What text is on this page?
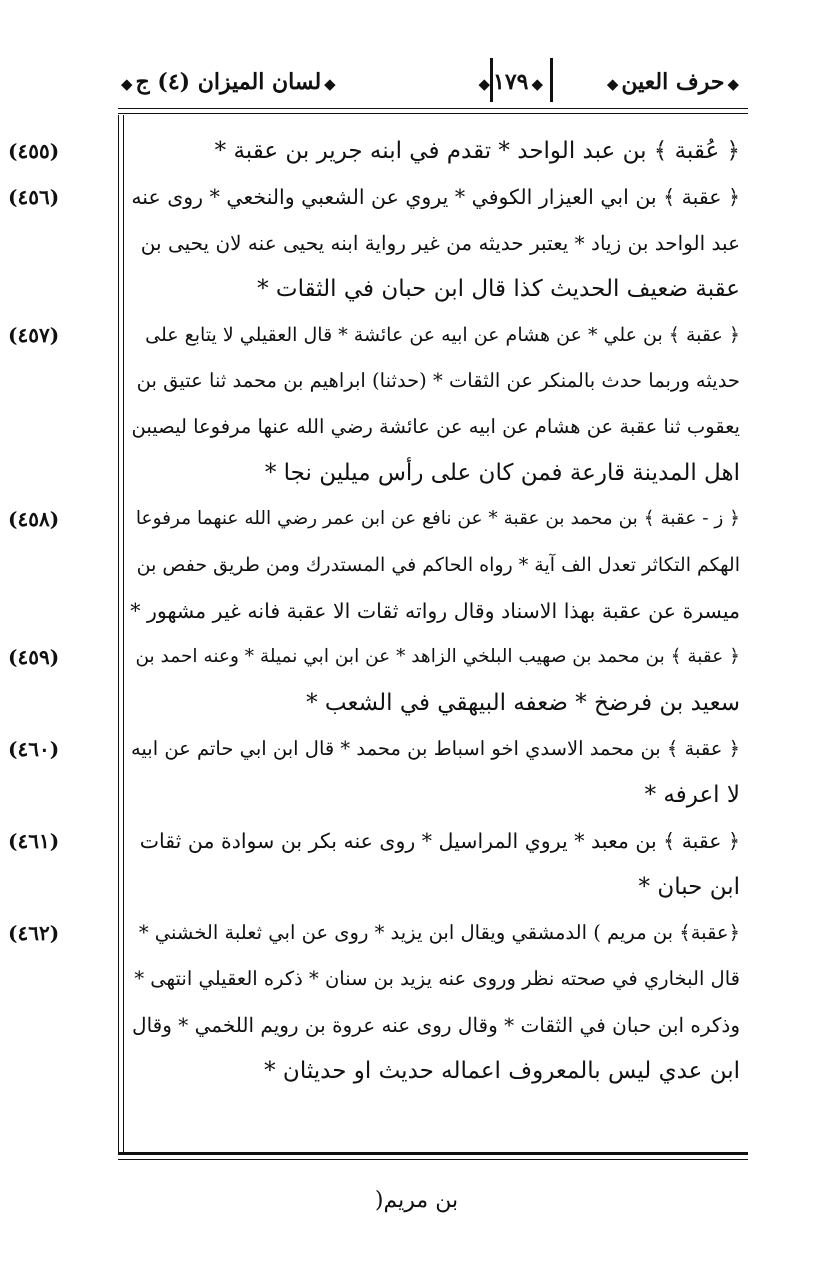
◆حرف العين◆
◆١٧٩◆
◆لسان الميزان (٤) ج◆
﴿ عُقبة ﴾ بن عبد الواحد * تقدم في ابنه جرير بن عقبة *
﴿ عقبة ﴾ بن ابي العيزار الكوفي * يروي عن الشعبي والنخعي * روى عنه
عبد الواحد بن زياد * يعتبر حديثه من غير رواية ابنه يحيى عنه لان يحيى بن
عقبة ضعيف الحديث كذا قال ابن حبان في الثقات *
﴿ عقبة ﴾ بن علي * عن هشام عن ابيه عن عائشة * قال العقيلي لا يتابع على
حديثه وربما حدث بالمنكر عن الثقات * (حدثنا) ابراهيم بن محمد ثنا عتيق بن
يعقوب ثنا عقبة عن هشام عن ابيه عن عائشة رضي الله عنها مرفوعا ليصيبن
اهل المدينة قارعة فمن كان على رأس ميلين نجا *
﴿ ز - عقبة ﴾ بن محمد بن عقبة * عن نافع عن ابن عمر رضي الله عنهما مرفوعا
الهكم التكاثر تعدل الف آية * رواه الحاكم في المستدرك ومن طريق حفص بن
ميسرة عن عقبة بهذا الاسناد وقال رواته ثقات الا عقبة فانه غير مشهور *
﴿ عقبة ﴾ بن محمد بن صهيب البلخي الزاهد * عن ابن ابي نميلة * وعنه احمد بن
سعيد بن فرضخ * ضعفه البيهقي في الشعب *
﴿ عقبة ﴾ بن محمد الاسدي اخو اسباط بن محمد * قال ابن ابي حاتم عن ابيه
لا اعرفه *
﴿ عقبة ﴾ بن معبد * يروي المراسيل * روى عنه بكر بن سوادة من ثقات
ابن حبان *
﴿عقبة﴾ بن مريم ) الدمشقي ويقال ابن يزيد * روى عن ابي ثعلبة الخشني *
قال البخاري في صحته نظر وروى عنه يزيد بن سنان * ذكره العقيلي انتهى *
وذكره ابن حبان في الثقات * وقال روى عنه عروة بن رويم اللخمي * وقال
ابن عدي ليس بالمعروف اعماله حديث او حديثان *
(٤٥٥)
(٤٥٦)
(٤٥٧)
(٤٥٨)
(٤٥٩)
(٤٦٠)
(٤٦١)
(٤٦٢)
بن مريم(
